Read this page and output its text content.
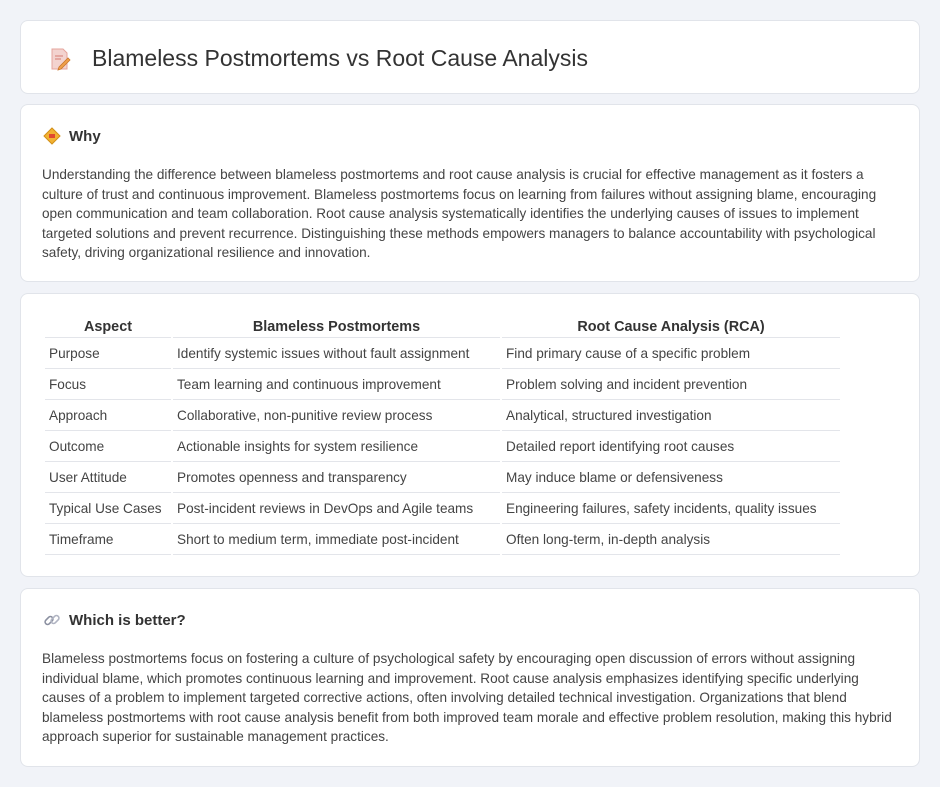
Blameless Postmortems vs Root Cause Analysis
Why

Understanding the difference between blameless postmortems and root cause analysis is crucial for effective management as it fosters a culture of trust and continuous improvement. Blameless postmortems focus on learning from failures without assigning blame, encouraging open communication and team collaboration. Root cause analysis systematically identifies the underlying causes of issues to implement targeted solutions and prevent recurrence. Distinguishing these methods empowers managers to balance accountability with psychological safety, driving organizational resilience and innovation.

Aspect	Blameless Postmortems	Root Cause Analysis (RCA)
Purpose	Identify systemic issues without fault assignment	Find primary cause of a specific problem
Focus	Team learning and continuous improvement	Problem solving and incident prevention
Approach	Collaborative, non-punitive review process	Analytical, structured investigation
Outcome	Actionable insights for system resilience	Detailed report identifying root causes
User Attitude	Promotes openness and transparency	May induce blame or defensiveness
Typical Use Cases	Post-incident reviews in DevOps and Agile teams	Engineering failures, safety incidents, quality issues
Timeframe	Short to medium term, immediate post-incident	Often long-term, in-depth analysis
Which is better?

Blameless postmortems focus on fostering a culture of psychological safety by encouraging open discussion of errors without assigning individual blame, which promotes continuous learning and improvement. Root cause analysis emphasizes identifying specific underlying causes of a problem to implement targeted corrective actions, often involving detailed technical investigation. Organizations that blend blameless postmortems with root cause analysis benefit from both improved team morale and effective problem resolution, making this hybrid approach superior for sustainable management practices.
